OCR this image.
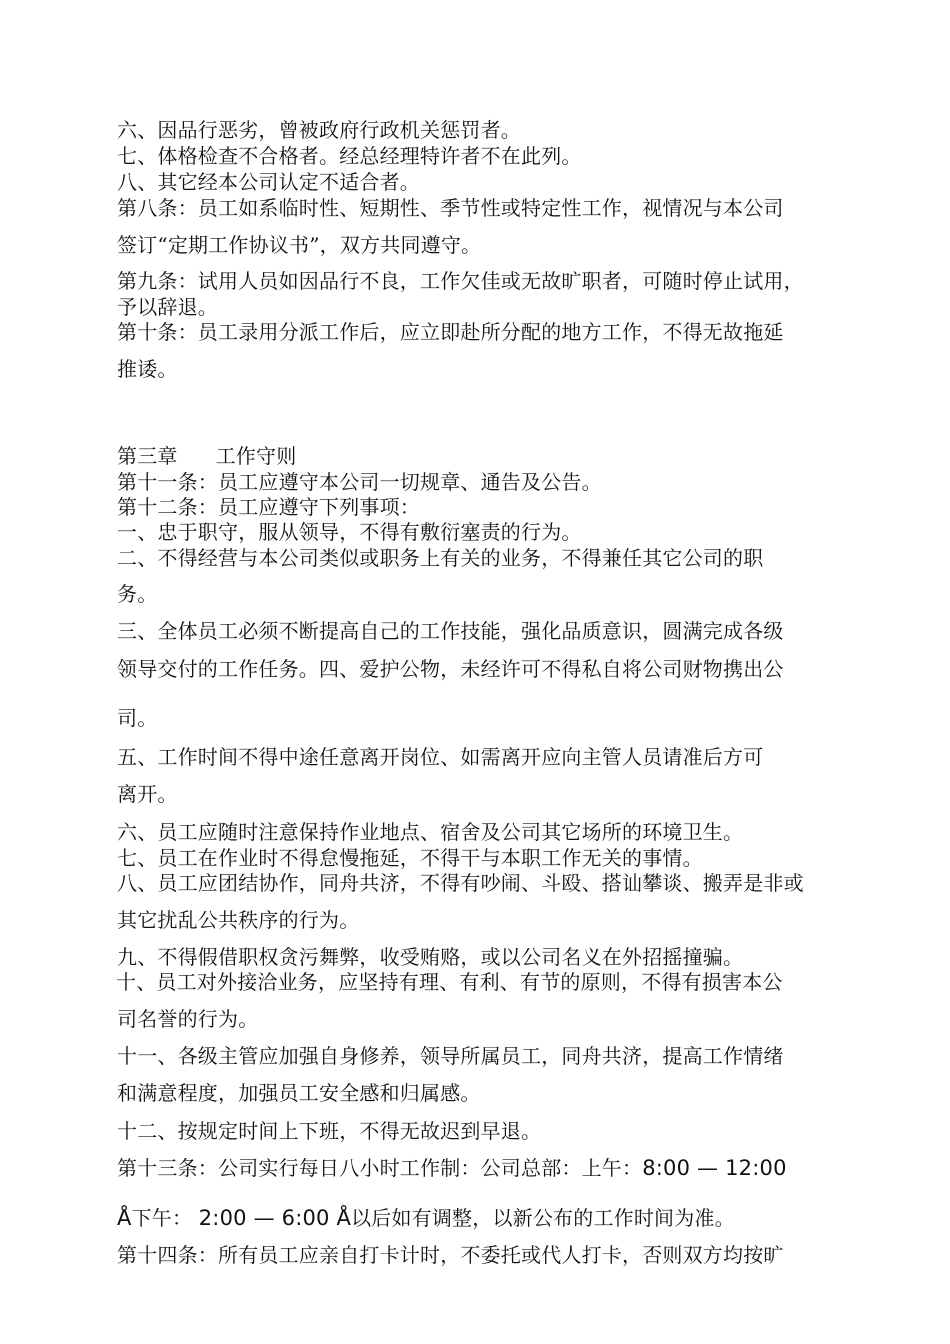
六、因品行恶劣，曾被政府行政机关惩罚者。

七、体格检查不合格者。经总经理特许者不在此列。

八、其它经本公司认定不适合者。

第八条：员工如系临时性、短期性、季节性或特定性工作，视情况与本公司

签订“定期工作协议书”，双方共同遵守。

第九条：试用人员如因品行不良，工作欠佳或无故旷职者，可随时停止试用，

予以辞退。

第十条：员工录用分派工作后，应立即赴所分配的地方工作，不得无故拖延

推诿。

第三章 工作守则

第十一条：员工应遵守本公司一切规章、通告及公告。

第十二条：员工应遵守下列事项：

一、忠于职守，服从领导，不得有敷衍塞责的行为。

二、不得经营与本公司类似或职务上有关的业务，不得兼任其它公司的职

务。

三、全体员工必须不断提高自己的工作技能，强化品质意识，圆满完成各级

领导交付的工作任务。四、爱护公物，未经许可不得私自将公司财物携出公

司。

五、工作时间不得中途任意离开岗位、如需离开应向主管人员请准后方可

离开。

六、员工应随时注意保持作业地点、宿舍及公司其它场所的环境卫生。

七、员工在作业时不得怠慢拖延，不得干与本职工作无关的事情。

八、员工应团结协作，同舟共济，不得有吵闹、斗殴、搭讪攀谈、搬弄是非或

其它扰乱公共秩序的行为。

九、不得假借职权贪污舞弊，收受贿赂，或以公司名义在外招摇撞骗。

十、员工对外接洽业务，应坚持有理、有利、有节的原则，不得有损害本公

司名誉的行为。

十一、各级主管应加强自身修养，领导所属员工，同舟共济，提高工作情绪

和满意程度，加强员工安全感和归属感。

十二、按规定时间上下班，不得无故迟到早退。

第十三条：公司实行每日八小时工作制：公司总部：上午：8:00 — 12:00

Å下午： 2:00 — 6:00 Å以后如有调整，以新公布的工作时间为准。

第十四条：所有员工应亲自打卡计时，不委托或代人打卡，否则双方均按旷
